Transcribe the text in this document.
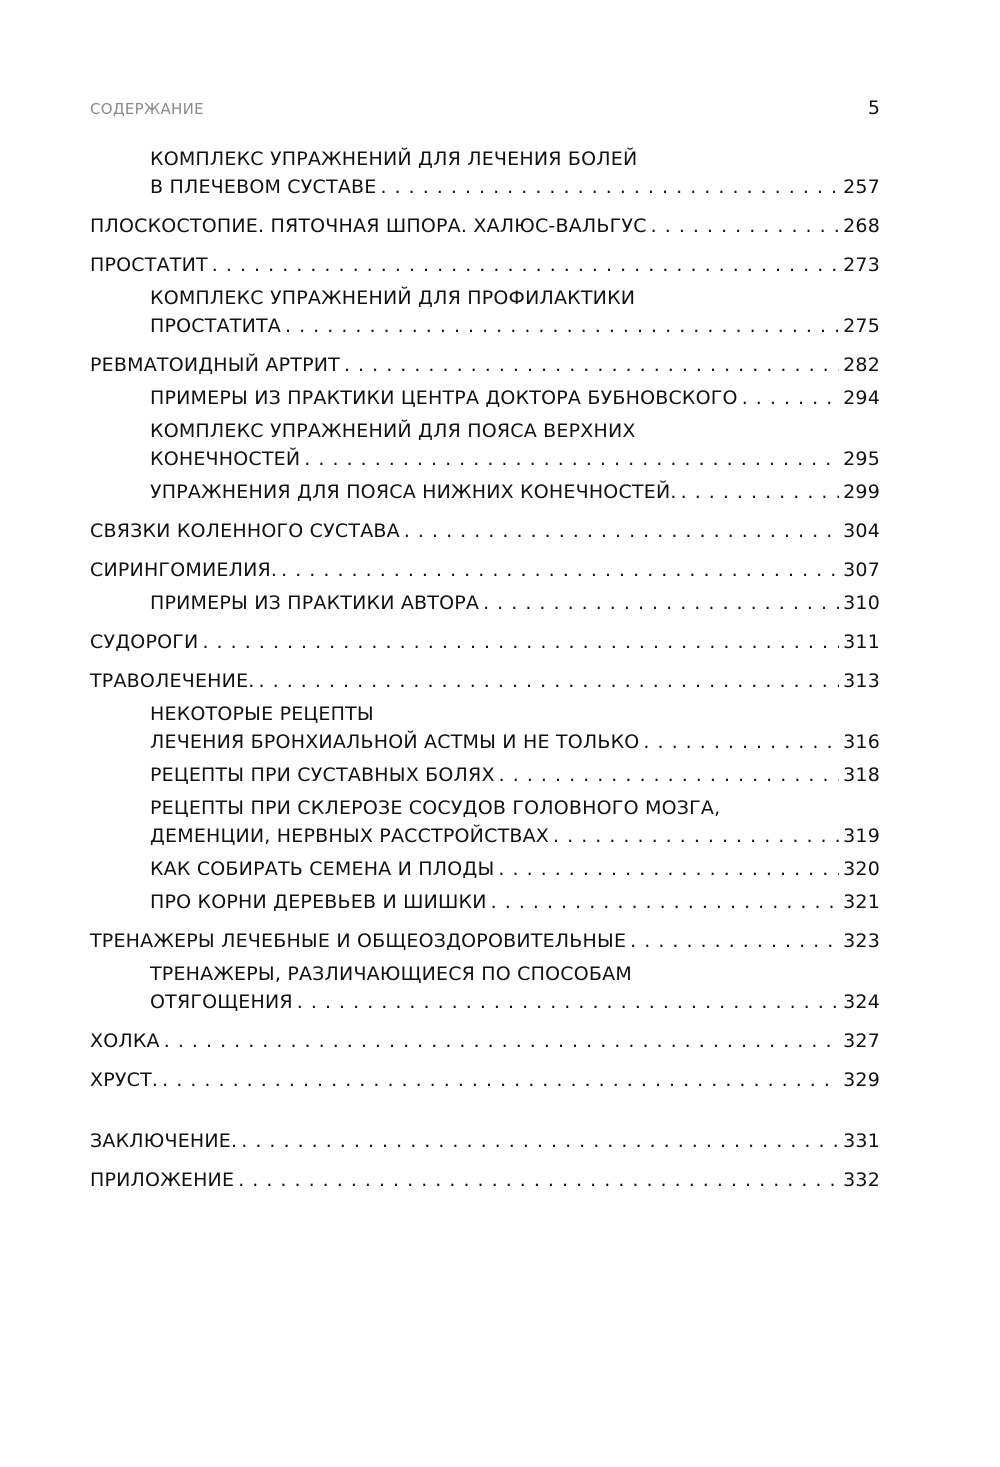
СОДЕРЖАНИЕ	5
КОМПЛЕКС УПРАЖНЕНИЙ ДЛЯ ЛЕЧЕНИЯ БОЛЕЙ
В ПЛЕЧЕВОМ СУСТАВЕ . . .	257
ПЛОСКОСТОПИЕ. ПЯТОЧНАЯ ШПОРА. ХАЛЮС-ВАЛЬГУС . . .	268
ПРОСТАТИТ . . .	273
КОМПЛЕКС УПРАЖНЕНИЙ ДЛЯ ПРОФИЛАКТИКИ
ПРОСТАТИТА . . .	275
РЕВМАТОИДНЫЙ АРТРИТ . . .	282
ПРИМЕРЫ ИЗ ПРАКТИКИ ЦЕНТРА ДОКТОРА БУБНОВСКОГО . . .	294
КОМПЛЕКС УПРАЖНЕНИЙ ДЛЯ ПОЯСА ВЕРХНИХ
КОНЕЧНОСТЕЙ . . .	295
УПРАЖНЕНИЯ ДЛЯ ПОЯСА НИЖНИХ КОНЕЧНОСТЕЙ. . . .	299
СВЯЗКИ КОЛЕННОГО СУСТАВА . . .	304
СИРИНГОМИЕЛИЯ. . . .	307
ПРИМЕРЫ ИЗ ПРАКТИКИ АВТОРА . . .	310
СУДОРОГИ . . .	311
ТРАВОЛЕЧЕНИЕ. . . .	313
НЕКОТОРЫЕ РЕЦЕПТЫ
ЛЕЧЕНИЯ БРОНХИАЛЬНОЙ АСТМЫ И НЕ ТОЛЬКО . . .	316
РЕЦЕПТЫ ПРИ СУСТАВНЫХ БОЛЯХ . . .	318
РЕЦЕПТЫ ПРИ СКЛЕРОЗЕ СОСУДОВ ГОЛОВНОГО МОЗГА,
ДЕМЕНЦИИ, НЕРВНЫХ РАССТРОЙСТВАХ . . .	319
КАК СОБИРАТЬ СЕМЕНА И ПЛОДЫ . . .	320
ПРО КОРНИ ДЕРЕВЬЕВ И ШИШКИ . . .	321
ТРЕНАЖЕРЫ ЛЕЧЕБНЫЕ И ОБЩЕОЗДОРОВИТЕЛЬНЫЕ . . .	323
ТРЕНАЖЕРЫ, РАЗЛИЧАЮЩИЕСЯ ПО СПОСОБАМ
ОТЯГОЩЕНИЯ . . .	324
ХОЛКА . . .	327
ХРУСТ. . . .	329
ЗАКЛЮЧЕНИЕ. . . .	331
ПРИЛОЖЕНИЕ . . .	332
